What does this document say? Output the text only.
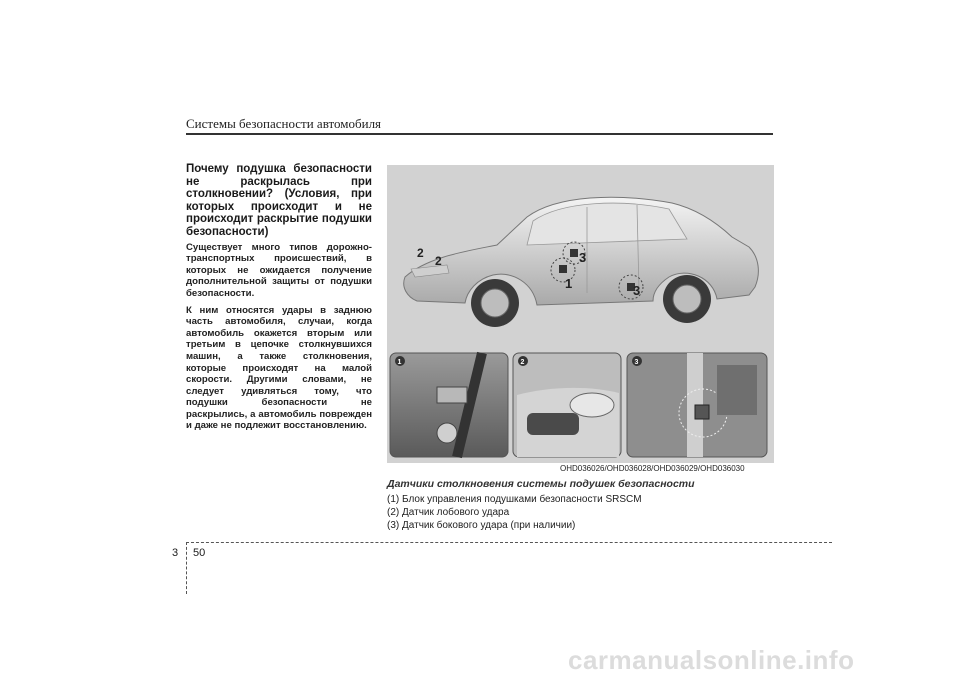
Системы безопасности автомобиля

Почему подушка безопасности не раскрылась при столкновении? (Условия, при которых происходит и не происходит раскрытие подушки безопасности)

Существует много типов дорожно-транспортных происшествий, в которых не ожидается получение дополнительной защиты от подушки безопасности.

К ним относятся удары в заднюю часть автомобиля, случаи, когда автомобиль окажется вторым или третьим в цепочке столкнувшихся машин, а также столкновения, которые происходят на малой скорости. Другими словами, не следует удивляться тому, что подушки безопасности не раскрылись, а автомобиль поврежден и даже не подлежит восстановлению.

1
3
3
2
2
1	2	3
OHD036026/OHD036028/OHD036029/OHD036030

Датчики столкновения системы подушек безопасности

(1) Блок управления подушками безопасности SRSCM

(2) Датчик лобового удара

(3) Датчик бокового удара (при наличии)

3 50
carmanualsonline.info
